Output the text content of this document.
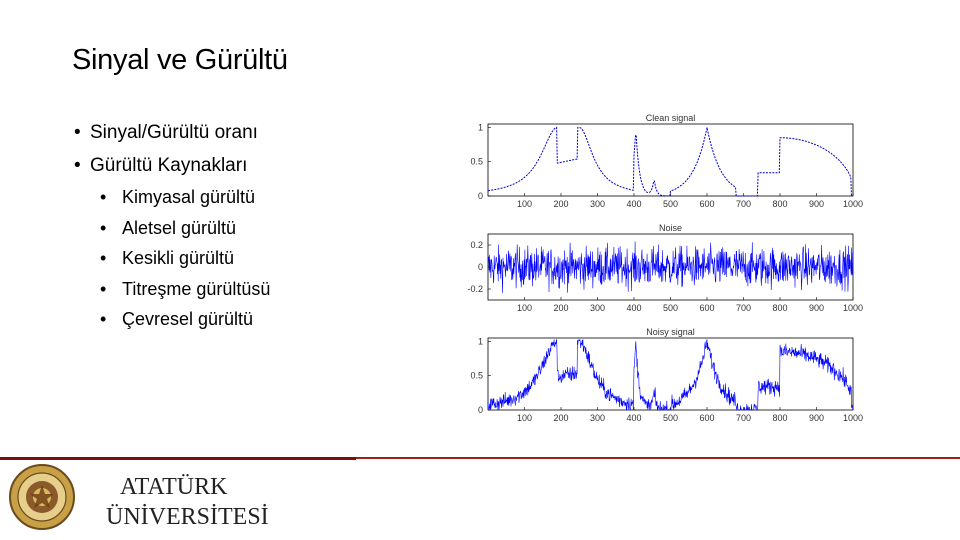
Sinyal ve Gürültü
• Sinyal/Gürültü oranı
• Gürültü Kaynakları
• Kimyasal gürültü
• Aletsel gürültü
• Kesikli gürültü
• Titreşme gürültüsü
• Çevresel gürültü
Clean signal
100 200 300 400 500 600 700 800 900 1000
0
0.5
1
Noise
100 200 300 400 500 600 700 800 900 1000
-0.2
0
0.2
Noisy signal
100 200 300 400 500 600 700 800 900 1000
0
0.5
1
ATATÜRK
ÜNİVERSİTESİ
